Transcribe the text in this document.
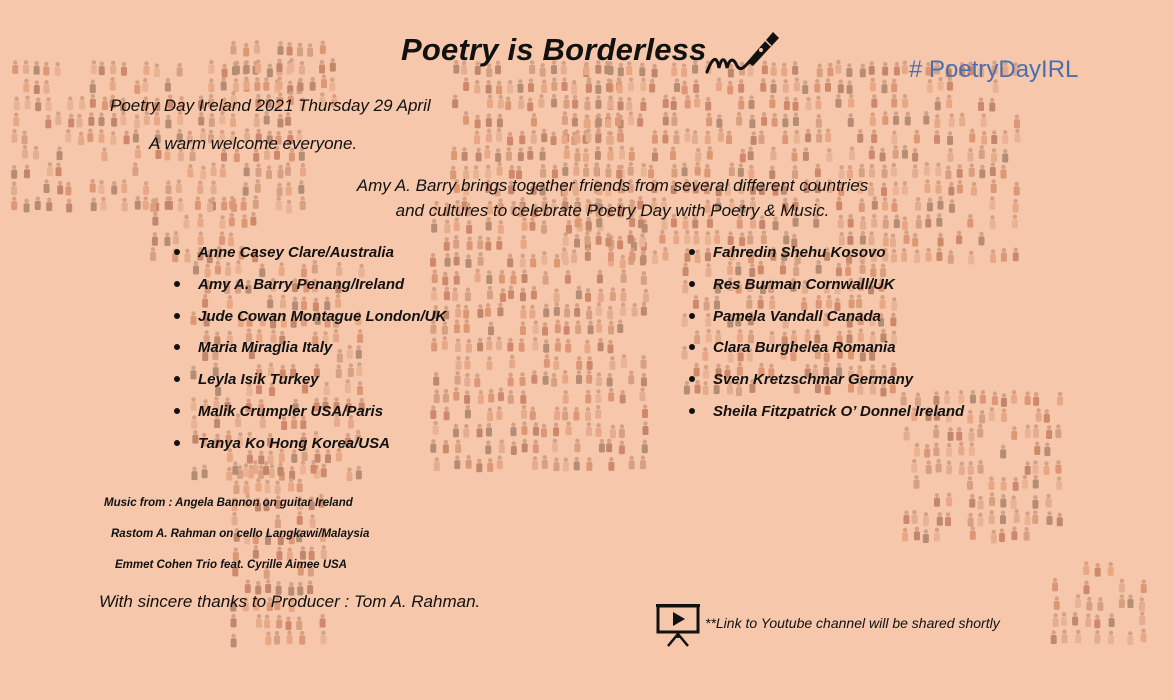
Poetry is Borderless
# PoetryDayIRL
Poetry Day Ireland 2021 Thursday 29 April
A warm welcome everyone.
Amy A. Barry brings together friends from several different countries
and cultures to celebrate Poetry Day with Poetry & Music.
Anne Casey Clare/Australia
Amy A. Barry Penang/Ireland
Jude Cowan Montague London/UK
Maria Miraglia Italy
Leyla Isik Turkey
Malik Crumpler USA/Paris
Tanya Ko Hong Korea/USA
Fahredin Shehu Kosovo
Res Burman Cornwall/UK
Pamela Vandall Canada
Clara Burghelea Romania
Sven Kretzschmar Germany
Sheila Fitzpatrick O’ Donnel Ireland
Music from : Angela Bannon on guitar Ireland
Rastom A. Rahman on cello Langkawi/Malaysia
Emmet Cohen Trio feat. Cyrille Aimee USA
With sincere thanks to Producer : Tom A. Rahman.
**Link to Youtube channel will be shared shortly
